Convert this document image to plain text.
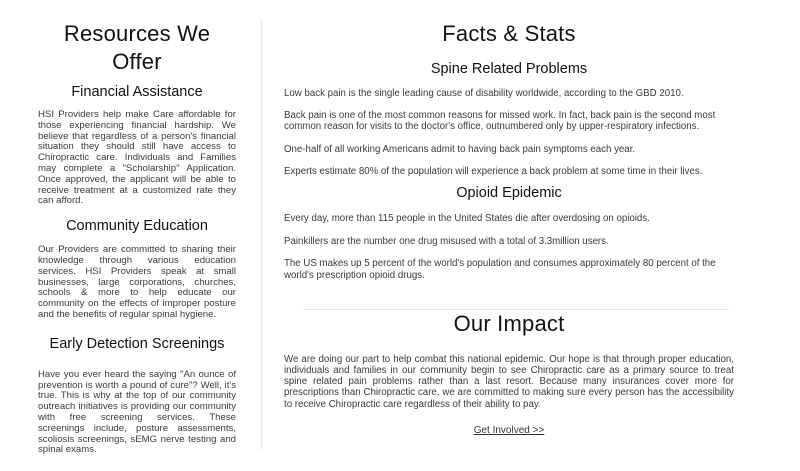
Resources We Offer
Financial Assistance

HSI Providers help make Care affordable for those experiencing financial hardship. We believe that regardless of a person's financial situation they should still have access to Chiropractic care. Individuals and Families may complete a "Scholarship" Application. Once approved, the applicant will be able to receive treatment at a customized rate they can afford.

Community Education

Our Providers are committed to sharing their knowledge through various education services. HSI Providers speak at small businesses, large corporations, churches, schools & more to help educate our community on the effects of improper posture and the benefits of regular spinal hygiene.

Early Detection Screenings

Have you ever heard the saying "An ounce of prevention is worth a pound of cure"? Well, it's true. This is why at the top of our community outreach initiatives is providing our community with free screening services. These screenings include, posture assessments, scoliosis screenings, sEMG nerve testing and spinal exams.

Facts & Stats
Spine Related Problems

Low back pain is the single leading cause of disability worldwide, according to the GBD 2010.

Back pain is one of the most common reasons for missed work. In fact, back pain is the second most common reason for visits to the doctor's office, outnumbered only by upper-respiratory infections.

One-half of all working Americans admit to having back pain symptoms each year.

Experts estimate 80% of the population will experience a back problem at some time in their lives.

Opioid Epidemic

Every day, more than 115 people in the United States die after overdosing on opioids.

Painkillers are the number one drug misused with a total of 3.3million users.

The US makes up 5 percent of the world's population and consumes approximately 80 percent of the world's prescription opioid drugs.

Our Impact

We are doing our part to help combat this national epidemic. Our hope is that through proper education, individuals and families in our community begin to see Chiropractic care as a primary source to treat spine related pain problems rather than a last resort. Because many insurances cover more for prescriptions than Chiropractic care, we are committed to making sure every person has the accessibility to receive Chiropractic care regardless of their ability to pay.

Get Involved >>
